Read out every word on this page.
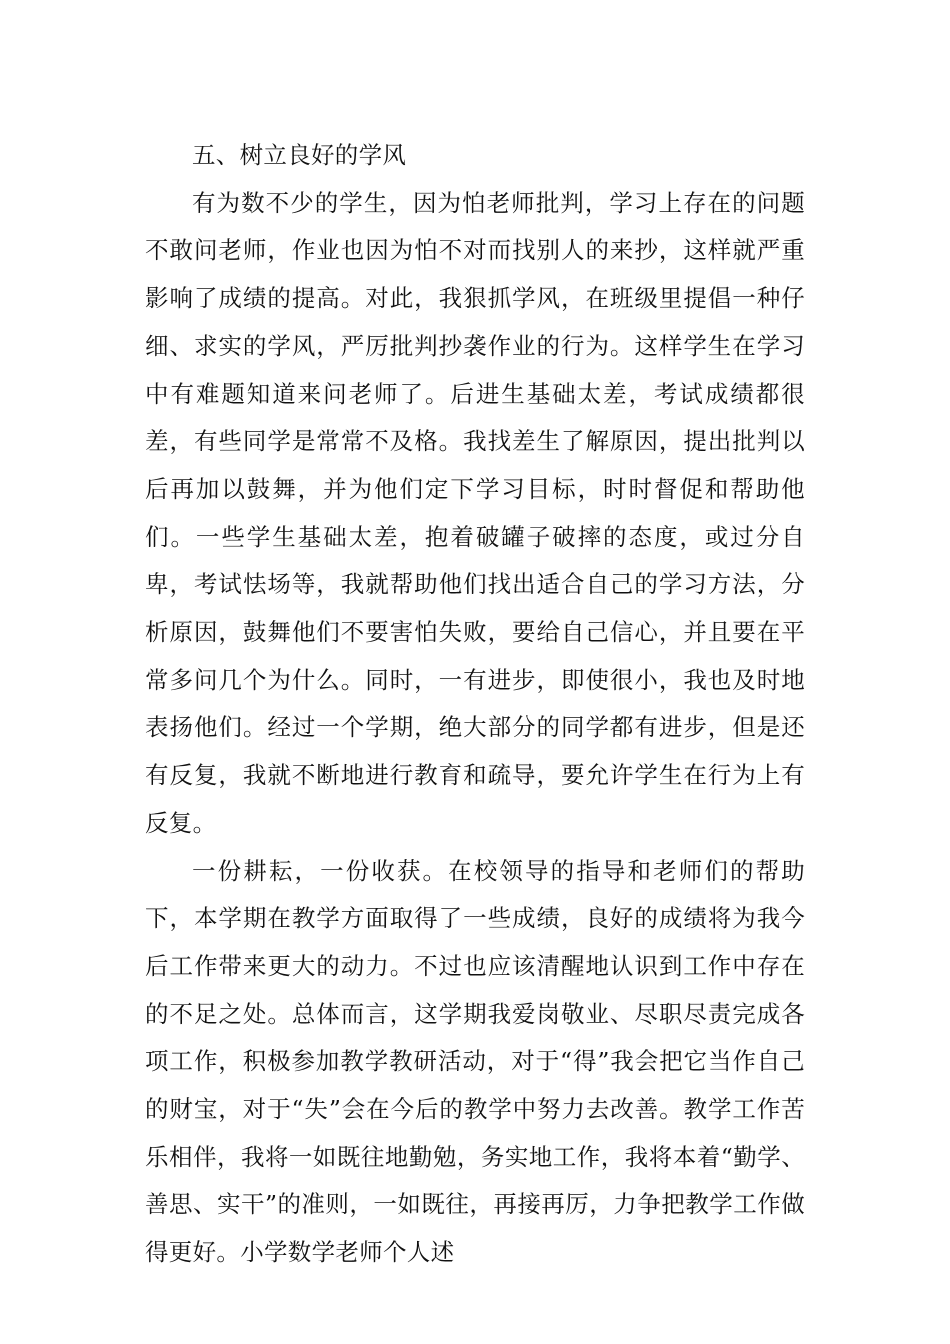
五、树立良好的学风

有为数不少的学生，因为怕老师批判，学习上存在的问题不敢问老师，作业也因为怕不对而找别人的来抄，这样就严重影响了成绩的提高。对此，我狠抓学风，在班级里提倡一种仔细、求实的学风，严厉批判抄袭作业的行为。这样学生在学习中有难题知道来问老师了。后进生基础太差，考试成绩都很差，有些同学是常常不及格。我找差生了解原因，提出批判以后再加以鼓舞，并为他们定下学习目标，时时督促和帮助他们。一些学生基础太差，抱着破罐子破摔的态度，或过分自卑，考试怯场等，我就帮助他们找出适合自己的学习方法，分析原因，鼓舞他们不要害怕失败，要给自己信心，并且要在平常多问几个为什么。同时，一有进步，即使很小，我也及时地表扬他们。经过一个学期，绝大部分的同学都有进步，但是还有反复，我就不断地进行教育和疏导，要允许学生在行为上有反复。

一份耕耘，一份收获。在校领导的指导和老师们的帮助下，本学期在教学方面取得了一些成绩，良好的成绩将为我今后工作带来更大的动力。不过也应该清醒地认识到工作中存在的不足之处。总体而言，这学期我爱岗敬业、尽职尽责完成各项工作，积极参加教学教研活动，对于“得”我会把它当作自己的财宝，对于“失”会在今后的教学中努力去改善。教学工作苦乐相伴，我将一如既往地勤勉，务实地工作，我将本着“勤学、善思、实干”的准则，一如既往，再接再厉，力争把教学工作做得更好。小学数学老师个人述
